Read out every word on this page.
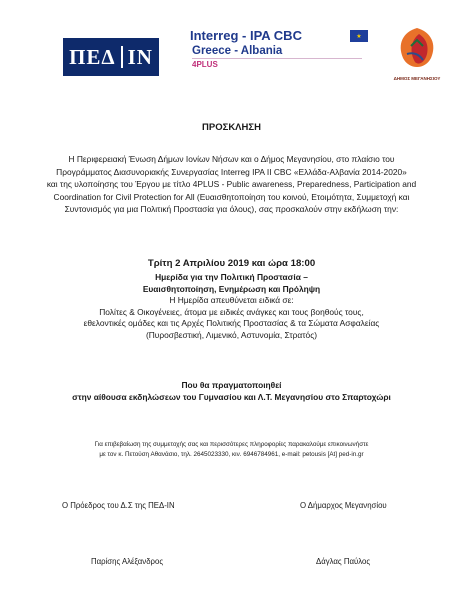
ΠΕΔ IN
Interreg - IPA CBC	★
Greece - Albania
4PLUS
ΔΗΜΟΣ ΜΕΓΑΝΗΣΙΟΥ
ΠΡΟΣΚΛΗΣΗ
Η Περιφερειακή Ένωση Δήμων Ιονίων Νήσων και ο Δήμος Μεγανησίου, στο πλαίσιο του
Προγράμματος Διασυνοριακής Συνεργασίας Interreg IPA II CBC «Ελλάδα-Αλβανία 2014-2020»
και της υλοποίησης του Έργου με τίτλο 4PLUS - Public awareness, Preparedness, Participation and
Coordination for Civil Protection for All (Ευαισθητοποίηση του κοινού, Ετοιμότητα, Συμμετοχή και
Συντονισμός για μια Πολιτική Προστασία για όλους), σας προσκαλούν στην εκδήλωση την:
Τρίτη 2 Απριλίου 2019 και ώρα 18:00
Ημερίδα για την Πολιτική Προστασία –
Ευαισθητοποίηση, Ενημέρωση και Πρόληψη
Η Ημερίδα απευθύνεται ειδικά σε:
Πολίτες & Οικογένειες, άτομα με ειδικές ανάγκες και τους βοηθούς τους,
εθελοντικές ομάδες και τις Αρχές Πολιτικής Προστασίας & τα Σώματα Ασφαλείας
(Πυροσβεστική, Λιμενικό, Αστυνομία, Στρατός)
Που θα πραγματοποιηθεί
στην αίθουσα εκδηλώσεων του Γυμνασίου και Λ.Τ. Μεγανησίου στο Σπαρτοχώρι
Για επιβεβαίωση της συμμετοχής σας και περισσότερες πληροφορίες παρακαλούμε επικοινωνήστε
με τον κ. Πετούση Αθανάσιο, τηλ. 2645023330, κιν. 6946784961, e-mail: petousis [At] ped-in.gr
Ο Πρόεδρος του Δ.Σ της ΠΕΔ-ΙΝ	Ο Δήμαρχος Μεγανησίου
Παρίσης Αλέξανδρος	Δάγλας Παύλος
